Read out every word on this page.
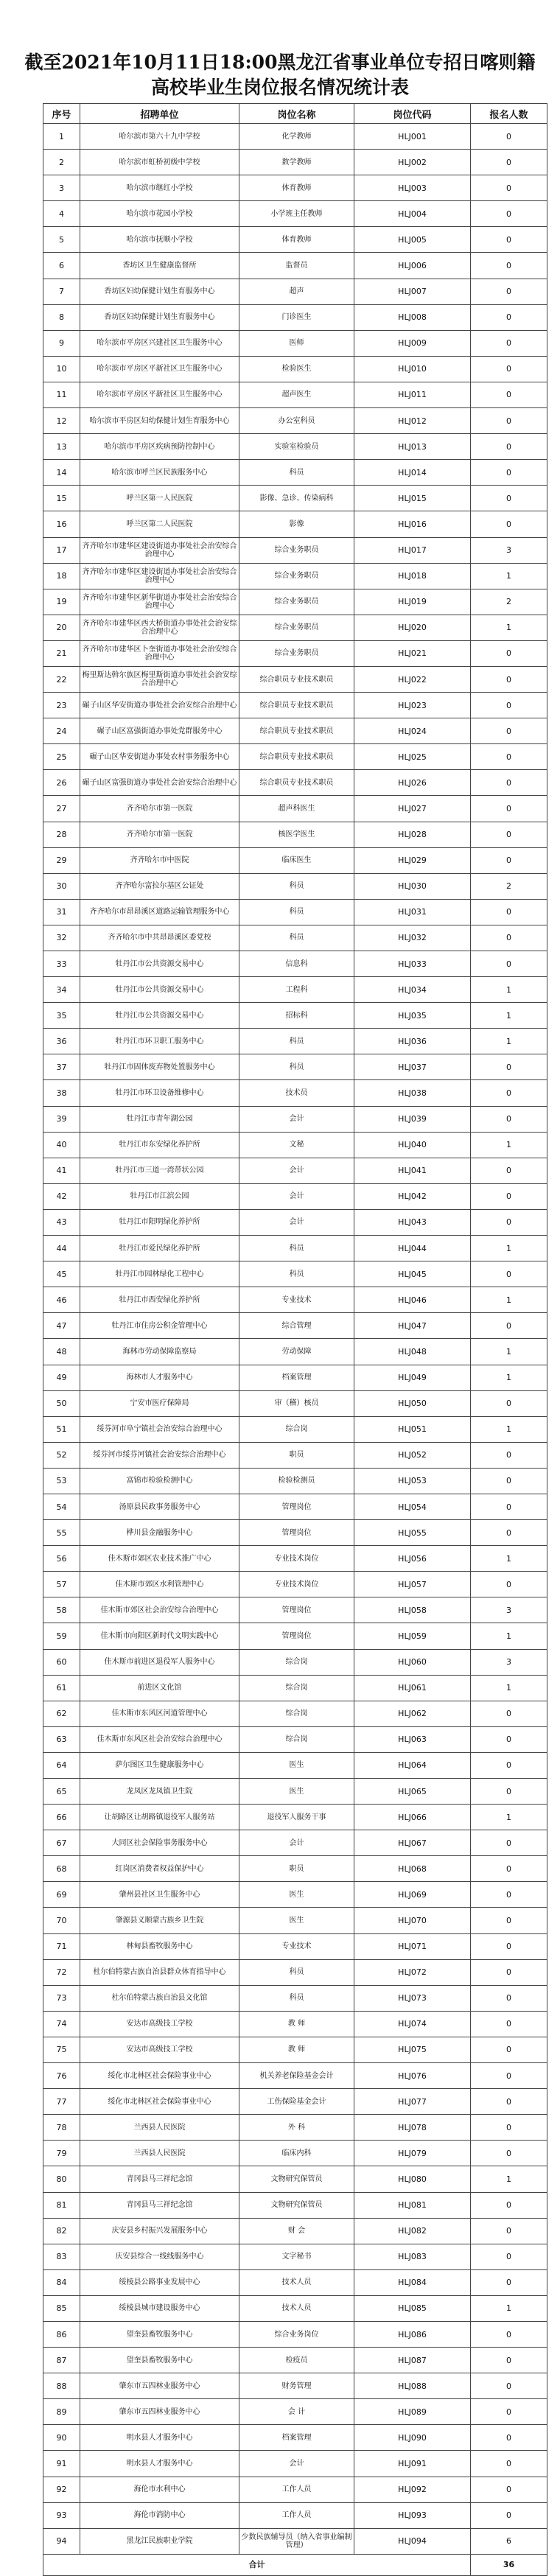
截至2021年10月11日18:00黑龙江省事业单位专招日喀则籍
高校毕业生岗位报名情况统计表
序号	招聘单位	岗位名称	岗位代码	报名人数
1	哈尔滨市第六十九中学校	化学教师	HLJ001	0
2	哈尔滨市虹桥初级中学校	数学教师	HLJ002	0
3	哈尔滨市继红小学校	体育教师	HLJ003	0
4	哈尔滨市花园小学校	小学班主任教师	HLJ004	0
5	哈尔滨市抚顺小学校	体育教师	HLJ005	0
6	香坊区卫生健康监督所	监督员	HLJ006	0
7	香坊区妇幼保健计划生育服务中心	超声	HLJ007	0
8	香坊区妇幼保健计划生育服务中心	门诊医生	HLJ008	0
9	哈尔滨市平房区兴建社区卫生服务中心	医师	HLJ009	0
10	哈尔滨市平房区平新社区卫生服务中心	检验医生	HLJ010	0
11	哈尔滨市平房区平新社区卫生服务中心	超声医生	HLJ011	0
12	哈尔滨市平房区妇幼保健计划生育服务中心	办公室科员	HLJ012	0
13	哈尔滨市平房区疾病预防控制中心	实验室检验员	HLJ013	0
14	哈尔滨市呼兰区民族服务中心	科员	HLJ014	0
15	呼兰区第一人民医院	影像、急诊、传染病科	HLJ015	0
16	呼兰区第二人民医院	影像	HLJ016	0
17	齐齐哈尔市建华区建设街道办事处社会治安综合治理中心	综合业务职员	HLJ017	3
18	齐齐哈尔市建华区建设街道办事处社会治安综合治理中心	综合业务职员	HLJ018	1
19	齐齐哈尔市建华区新华街道办事处社会治安综合治理中心	综合业务职员	HLJ019	2
20	齐齐哈尔市建华区西大桥街道办事处社会治安综合治理中心	综合业务职员	HLJ020	1
21	齐齐哈尔市建华区卜奎街道办事处社会治安综合治理中心	综合业务职员	HLJ021	0
22	梅里斯达斡尔族区梅里斯街道办事处社会治安综合治理中心	综合职员专业技术职员	HLJ022	0
23	碾子山区华安街道办事处社会治安综合治理中心	综合职员专业技术职员	HLJ023	0
24	碾子山区富强街道办事处党群服务中心	综合职员专业技术职员	HLJ024	0
25	碾子山区华安街道办事处农村事务服务中心	综合职员专业技术职员	HLJ025	0
26	碾子山区富强街道办事处社会治安综合治理中心	综合职员专业技术职员	HLJ026	0
27	齐齐哈尔市第一医院	超声科医生	HLJ027	0
28	齐齐哈尔市第一医院	核医学医生	HLJ028	0
29	齐齐哈尔市中医院	临床医生	HLJ029	0
30	齐齐哈尔富拉尔基区公证处	科员	HLJ030	2
31	齐齐哈尔市昂昂溪区道路运输管理服务中心	科员	HLJ031	0
32	齐齐哈尔市中共昂昂溪区委党校	科员	HLJ032	0
33	牡丹江市公共资源交易中心	信息科	HLJ033	0
34	牡丹江市公共资源交易中心	工程科	HLJ034	1
35	牡丹江市公共资源交易中心	招标科	HLJ035	1
36	牡丹江市环卫职工服务中心	科员	HLJ036	1
37	牡丹江市固体废弃物处置服务中心	科员	HLJ037	0
38	牡丹江市环卫设备维修中心	技术员	HLJ038	0
39	牡丹江市青年湖公园	会计	HLJ039	0
40	牡丹江市东安绿化养护所	文秘	HLJ040	1
41	牡丹江市三道一湾带状公园	会计	HLJ041	0
42	牡丹江市江滨公园	会计	HLJ042	0
43	牡丹江市阳明绿化养护所	会计	HLJ043	0
44	牡丹江市爱民绿化养护所	科员	HLJ044	1
45	牡丹江市园林绿化工程中心	科员	HLJ045	0
46	牡丹江市西安绿化养护所	专业技术	HLJ046	1
47	牡丹江市住房公积金管理中心	综合管理	HLJ047	0
48	海林市劳动保障监察局	劳动保障	HLJ048	1
49	海林市人才服务中心	档案管理	HLJ049	1
50	宁安市医疗保障局	审（稽）核员	HLJ050	0
51	绥芬河市阜宁镇社会治安综合治理中心	综合岗	HLJ051	1
52	绥芬河市绥芬河镇社会治安综合治理中心	职员	HLJ052	0
53	富锦市检验检测中心	检验检测员	HLJ053	0
54	汤原县民政事务服务中心	管理岗位	HLJ054	0
55	桦川县金融服务中心	管理岗位	HLJ055	0
56	佳木斯市郊区农业技术推广中心	专业技术岗位	HLJ056	1
57	佳木斯市郊区水利管理中心	专业技术岗位	HLJ057	0
58	佳木斯市郊区社会治安综合治理中心	管理岗位	HLJ058	3
59	佳木斯市向阳区新时代文明实践中心	管理岗位	HLJ059	1
60	佳木斯市前进区退役军人服务中心	综合岗	HLJ060	3
61	前进区文化馆	综合岗	HLJ061	1
62	佳木斯市东风区河道管理中心	综合岗	HLJ062	0
63	佳木斯市东风区社会治安综合治理中心	综合岗	HLJ063	0
64	萨尔图区卫生健康服务中心	医生	HLJ064	0
65	龙凤区龙凤镇卫生院	医生	HLJ065	0
66	让胡路区让胡路镇退役军人服务站	退役军人服务干事	HLJ066	1
67	大同区社会保险事务服务中心	会计	HLJ067	0
68	红岗区消费者权益保护中心	职员	HLJ068	0
69	肇州县社区卫生服务中心	医生	HLJ069	0
70	肇源县义顺蒙古族乡卫生院	医生	HLJ070	0
71	林甸县畜牧服务中心	专业技术	HLJ071	0
72	杜尔伯特蒙古族自治县群众体育指导中心	科员	HLJ072	0
73	杜尔伯特蒙古族自治县文化馆	科员	HLJ073	0
74	安达市高级技工学校	教 师	HLJ074	0
75	安达市高级技工学校	教 师	HLJ075	0
76	绥化市北林区社会保险事业中心	机关养老保险基金会计	HLJ076	0
77	绥化市北林区社会保险事业中心	工伤保险基金会计	HLJ077	0
78	兰西县人民医院	外 科	HLJ078	0
79	兰西县人民医院	临床内科	HLJ079	0
80	青冈县马三祥纪念馆	文物研究保管员	HLJ080	1
81	青冈县马三祥纪念馆	文物研究保管员	HLJ081	0
82	庆安县乡村振兴发展服务中心	财 会	HLJ082	0
83	庆安县综合一线线服务中心	文字秘书	HLJ083	0
84	绥棱县公路事业发展中心	技术人员	HLJ084	0
85	绥棱县城市建设服务中心	技术人员	HLJ085	1
86	望奎县畜牧服务中心	综合业务岗位	HLJ086	0
87	望奎县畜牧服务中心	检疫员	HLJ087	0
88	肇东市五四林业服务中心	财务管理	HLJ088	0
89	肇东市五四林业服务中心	会 计	HLJ089	0
90	明水县人才服务中心	档案管理	HLJ090	0
91	明水县人才服务中心	会计	HLJ091	0
92	海伦市水利中心	工作人员	HLJ092	0
93	海伦市消防中心	工作人员	HLJ093	0
94	黑龙江民族职业学院	少数民族辅导员（纳入省事业编制管理）	HLJ094	6
合计				36
